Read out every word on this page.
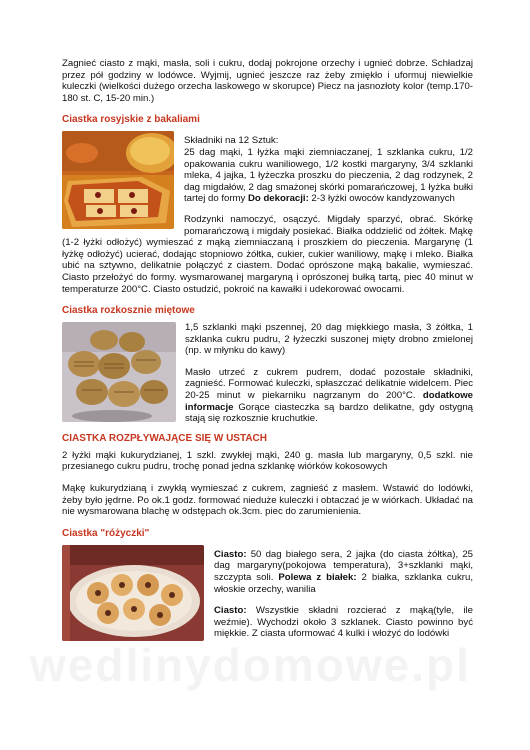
Zagnieć ciasto z mąki, masła, soli i cukru, dodaj pokrojone orzechy i ugnieć dobrze. Schładzaj przez pół godziny w lodówce. Wyjmij, ugnieć jeszcze raz żeby zmiękło i uformuj niewielkie kuleczki (wielkości dużego orzecha laskowego w skorupce) Piecz na jasnozłoty kolor (temp.170-180 st. C, 15-20 min.)

Ciastka rosyjskie z bakaliami

Składniki na 12 Sztuk:

25 dag mąki, 1 łyżka mąki ziemniaczanej, 1 szklanka cukru, 1/2 opakowania cukru waniliowego, 1/2 kostki margaryny, 3/4 szklanki mleka, 4 jajka, 1 łyżeczka proszku do pieczenia, 2 dag rodzynek, 2 dag migdałów, 2 dag smażonej skórki pomarańczowej, 1 łyżka bułki tartej do formy Do dekoracji: 2-3 łyżki owoców kandyzowanych

Rodzynki namoczyć, osączyć. Migdały sparzyć, obrać. Skórkę pomarańczową i migdały posiekać. Białka oddzielić od żółtek. Mąkę (1-2 łyżki odłożyć) wymieszać z mąką ziemniaczaną i proszkiem do pieczenia. Margarynę (1 łyżkę odłożyć) ucierać, dodając stopniowo żółtka, cukier, cukier waniliowy, mąkę i mleko. Białka ubić na sztywno, delikatnie połączyć z ciastem. Dodać oprószone mąką bakalie, wymieszać. Ciasto przełożyć do formy. wysmarowanej margaryną i oprószonej bułką tartą, piec 40 minut w temperaturze 200°C. Ciasto ostudzić, pokroić na kawałki i udekorować owocami.

Ciastka rozkosznie miętowe

1,5 szklanki mąki pszennej, 20 dag miękkiego masła, 3 żółtka, 1 szklanka cukru pudru, 2 łyżeczki suszonej mięty drobno zmielonej (np. w młynku do kawy)

Masło utrzeć z cukrem pudrem, dodać pozostałe składniki, zagnieść. Formować kuleczki, spłaszczać delikatnie widelcem. Piec 20-25 minut w piekarniku nagrzanym do 200°C. dodatkowe informacje Gorące ciasteczka są bardzo delikatne, gdy ostygną stają się rozkosznie kruchutkie.

CIASTKA ROZPŁYWAJĄCE SIĘ W USTACH

2 łyżki mąki kukurydzianej, 1 szkl. zwykłej mąki, 240 g. masła lub margaryny, 0,5 szkl. nie przesianego cukru pudru, trochę ponad jedna szklankę wiórków kokosowych

Mąkę kukurydzianą i zwykłą wymieszać z cukrem, zagnieść z masłem. Wstawić do lodówki, żeby było jędrne. Po ok.1 godz. formować nieduże kuleczki i obtaczać je w wiórkach. Układać na nie wysmarowana blachę w odstępach ok.3cm. piec do zarumienienia.

Ciastka "różyczki"

Ciasto: 50 dag białego sera, 2 jajka (do ciasta żółtka), 25 dag margaryny(pokojowa temperatura), 3+szklanki mąki, szczypta soli. Polewa z białek: 2 białka, szklanka cukru, włoskie orzechy, wanilia

Ciasto: Wszystkie składni rozcierać z mąką(tyle, ile weźmie). Wychodzi około 3 szklanek. Ciasto powinno być miękkie. Z ciasta uformować 4 kulki i włożyć do lodówki

wedlinydomowe.pl
